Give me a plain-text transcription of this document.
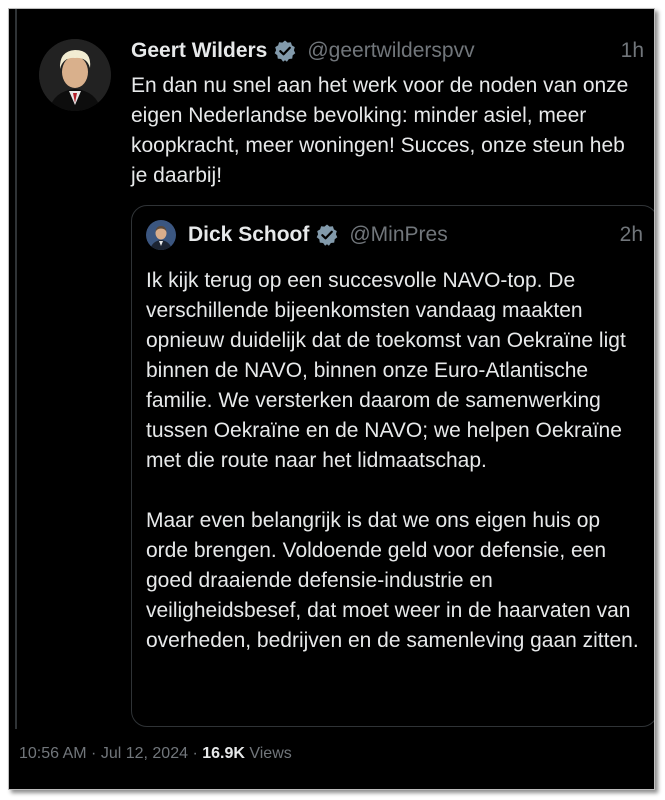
Geert Wilders @geertwilderspvv	1h
En dan nu snel aan het werk voor de noden van onze eigen Nederlandse bevolking: minder asiel, meer koopkracht, meer woningen! Succes, onze steun heb je daarbij!
Dick Schoof @MinPres	2h
Ik kijk terug op een succesvolle NAVO-top. De verschillende bijeenkomsten vandaag maakten opnieuw duidelijk dat de toekomst van Oekraïne ligt binnen de NAVO, binnen onze Euro-Atlantische familie. We versterken daarom de samenwerking  tussen Oekraïne en de NAVO; we helpen Oekraïne met die route naar het lidmaatschap.

Maar even belangrijk is dat we ons eigen huis op orde brengen. Voldoende geld voor defensie, een goed draaiende defensie-industrie en veiligheidsbesef, dat moet weer in de haarvaten van overheden, bedrijven en de samenleving gaan zitten.
10:56 AM · Jul 12, 2024 · 16.9K Views
